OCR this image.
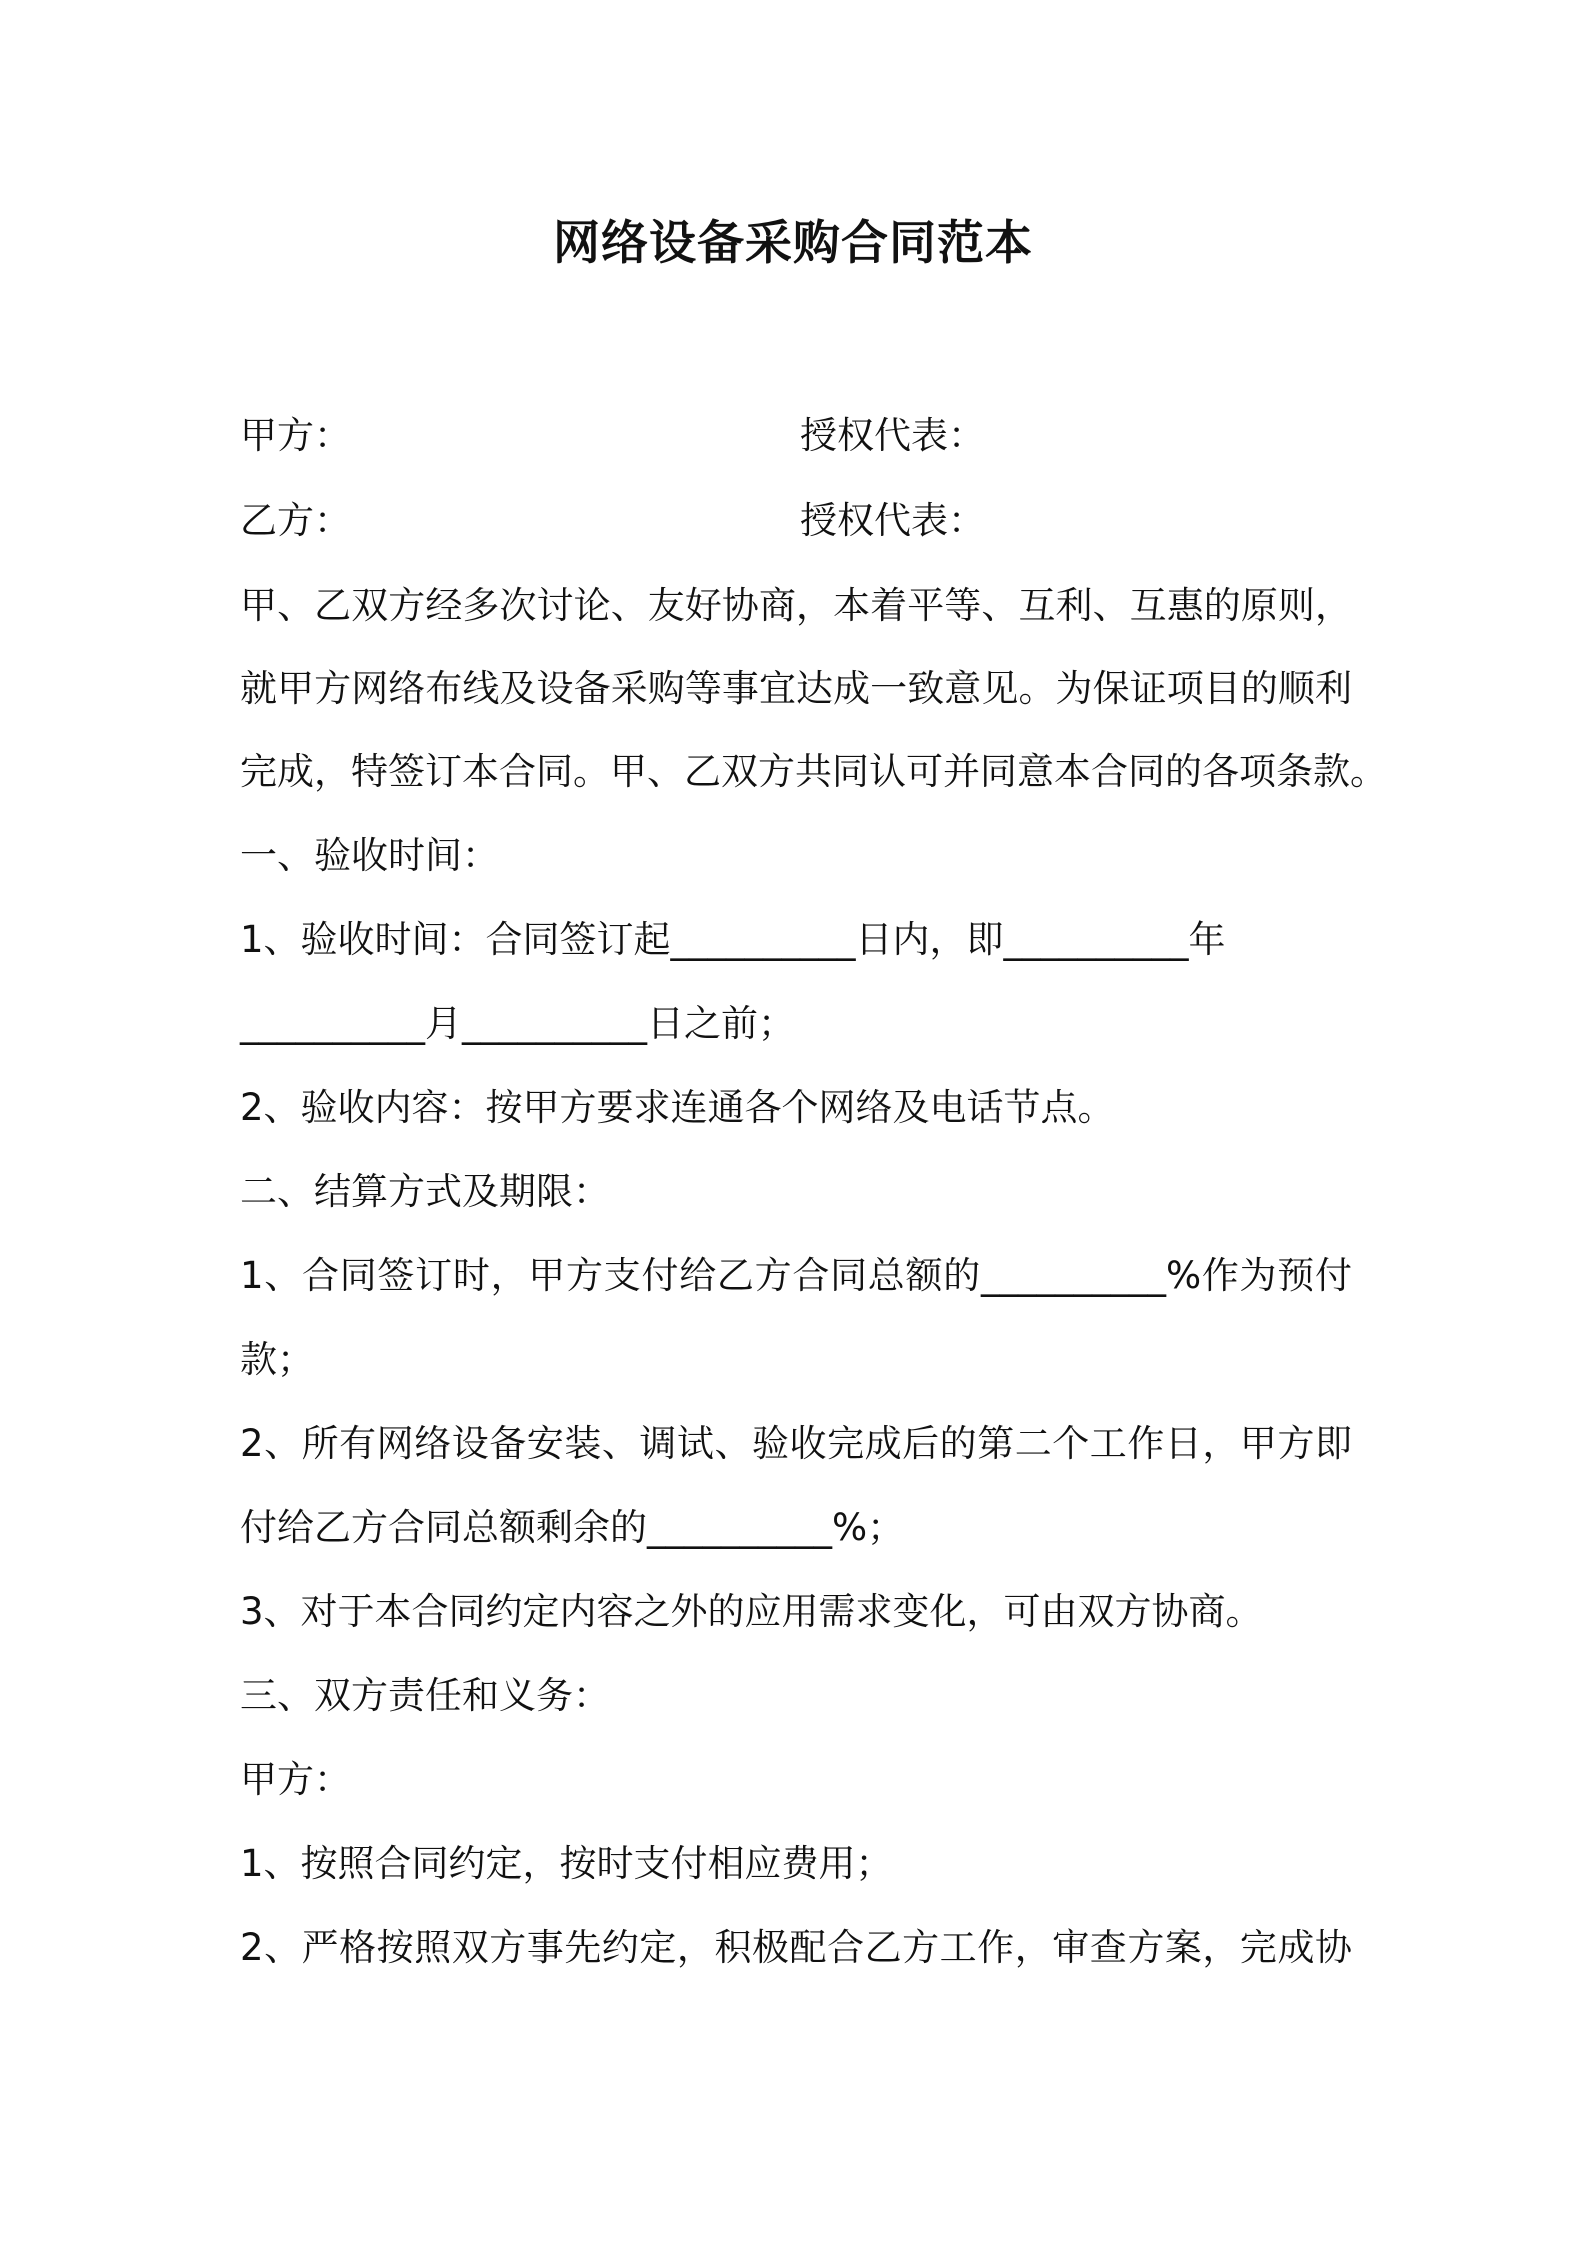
网络设备采购合同范本
甲方：	授权代表：
乙方：	授权代表：
甲、乙双方经多次讨论、友好协商，本着平等、互利、互惠的原则，
就甲方网络布线及设备采购等事宜达成一致意见。为保证项目的顺利
完成，特签订本合同。甲、乙双方共同认可并同意本合同的各项条款。
一、验收时间：
1、验收时间：合同签订起__________日内，即__________年
__________月__________日之前；
2、验收内容：按甲方要求连通各个网络及电话节点。
二、结算方式及期限：
1、合同签订时，甲方支付给乙方合同总额的__________%作为预付
款；
2、所有网络设备安装、调试、验收完成后的第二个工作日，甲方即
付给乙方合同总额剩余的__________%；
3、对于本合同约定内容之外的应用需求变化，可由双方协商。
三、双方责任和义务：
甲方：
1、按照合同约定，按时支付相应费用；
2、严格按照双方事先约定，积极配合乙方工作，审查方案，完成协
